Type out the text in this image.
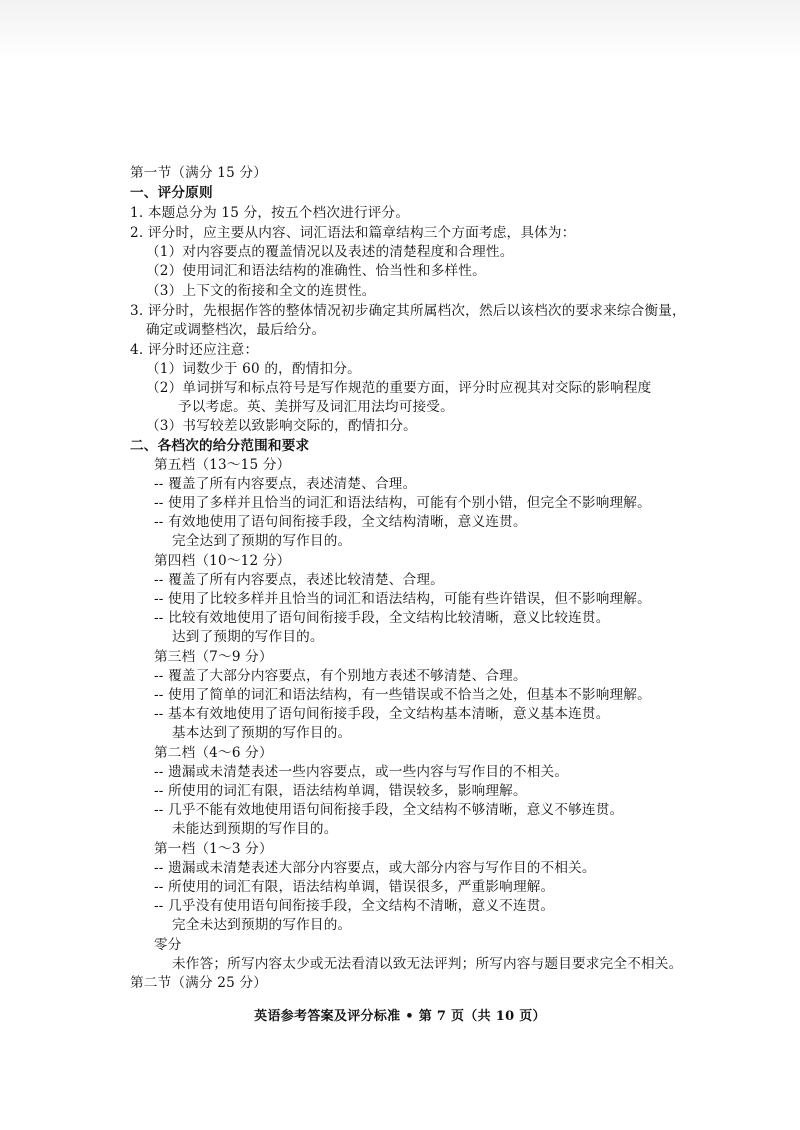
第一节（满分 15 分）
一、评分原则
1. 本题总分为 15 分，按五个档次进行评分。
2. 评分时，应主要从内容、词汇语法和篇章结构三个方面考虑，具体为：
（1）对内容要点的覆盖情况以及表述的清楚程度和合理性。
（2）使用词汇和语法结构的准确性、恰当性和多样性。
（3）上下文的衔接和全文的连贯性。
3. 评分时，先根据作答的整体情况初步确定其所属档次，然后以该档次的要求来综合衡量，
确定或调整档次，最后给分。
4. 评分时还应注意：
（1）词数少于 60 的，酌情扣分。
（2）单词拼写和标点符号是写作规范的重要方面，评分时应视其对交际的影响程度
予以考虑。英、美拼写及词汇用法均可接受。
（3）书写较差以致影响交际的，酌情扣分。
二、各档次的给分范围和要求
第五档（13～15 分）
-- 覆盖了所有内容要点，表述清楚、合理。
-- 使用了多样并且恰当的词汇和语法结构，可能有个别小错，但完全不影响理解。
-- 有效地使用了语句间衔接手段，全文结构清晰，意义连贯。
完全达到了预期的写作目的。
第四档（10～12 分）
-- 覆盖了所有内容要点，表述比较清楚、合理。
-- 使用了比较多样并且恰当的词汇和语法结构，可能有些许错误，但不影响理解。
-- 比较有效地使用了语句间衔接手段，全文结构比较清晰，意义比较连贯。
达到了预期的写作目的。
第三档（7～9 分）
-- 覆盖了大部分内容要点，有个别地方表述不够清楚、合理。
-- 使用了简单的词汇和语法结构，有一些错误或不恰当之处，但基本不影响理解。
-- 基本有效地使用了语句间衔接手段，全文结构基本清晰，意义基本连贯。
基本达到了预期的写作目的。
第二档（4～6 分）
-- 遗漏或未清楚表述一些内容要点，或一些内容与写作目的不相关。
-- 所使用的词汇有限，语法结构单调，错误较多，影响理解。
-- 几乎不能有效地使用语句间衔接手段，全文结构不够清晰，意义不够连贯。
未能达到预期的写作目的。
第一档（1～3 分）
-- 遗漏或未清楚表述大部分内容要点，或大部分内容与写作目的不相关。
-- 所使用的词汇有限，语法结构单调，错误很多，严重影响理解。
-- 几乎没有使用语句间衔接手段，全文结构不清晰，意义不连贯。
完全未达到预期的写作目的。
零分
未作答；所写内容太少或无法看清以致无法评判；所写内容与题目要求完全不相关。
第二节（满分 25 分）
英语参考答案及评分标准 • 第 7 页（共 10 页）
